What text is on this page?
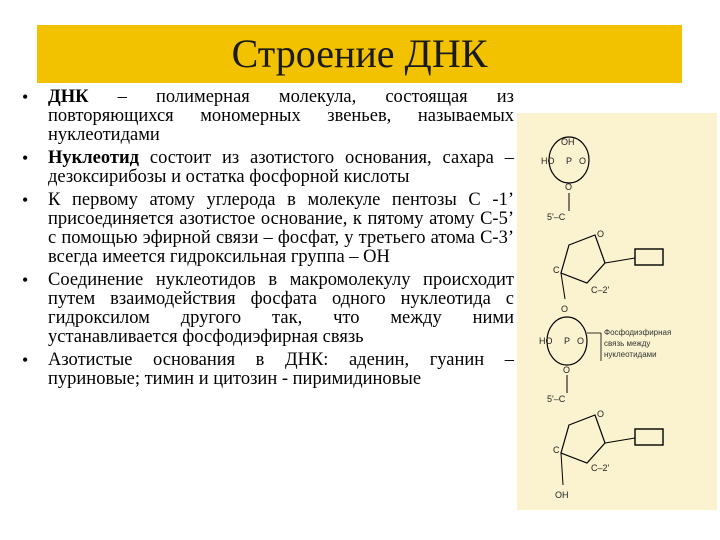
Строение ДНК
• ДНК – полимерная молекула, состоящая из повторяющихся мономерных звеньев, называемых нуклеотидами
• Нуклеотид состоит из азотистого основания, сахара – дезоксирибозы и остатка фосфорной кислоты
• К первому атому углерода в молекуле пентозы С -1’ присоединяется азотистое основание, к пятому атому С-5’ с помощью эфирной связи – фосфат, у третьего атома С-3’ всегда имеется гидроксильная группа – ОН
• Соединение нуклеотидов в макромолекулу происходит путем взаимодействия фосфата одного нуклеотида с гидроксилом другого так, что между ними устанавливается фосфодиэфирная связь
• Азотистые основания в ДНК: аденин, гуанин – пуриновые; тимин и цитозин - пиримидиновые
OH
HO P O
O
5'–C
O
C
C–2'
Фосфодиэфирная
связь между
нуклеотидами
O
HO P O
O
5'–C
O
C
C–2'
OH
